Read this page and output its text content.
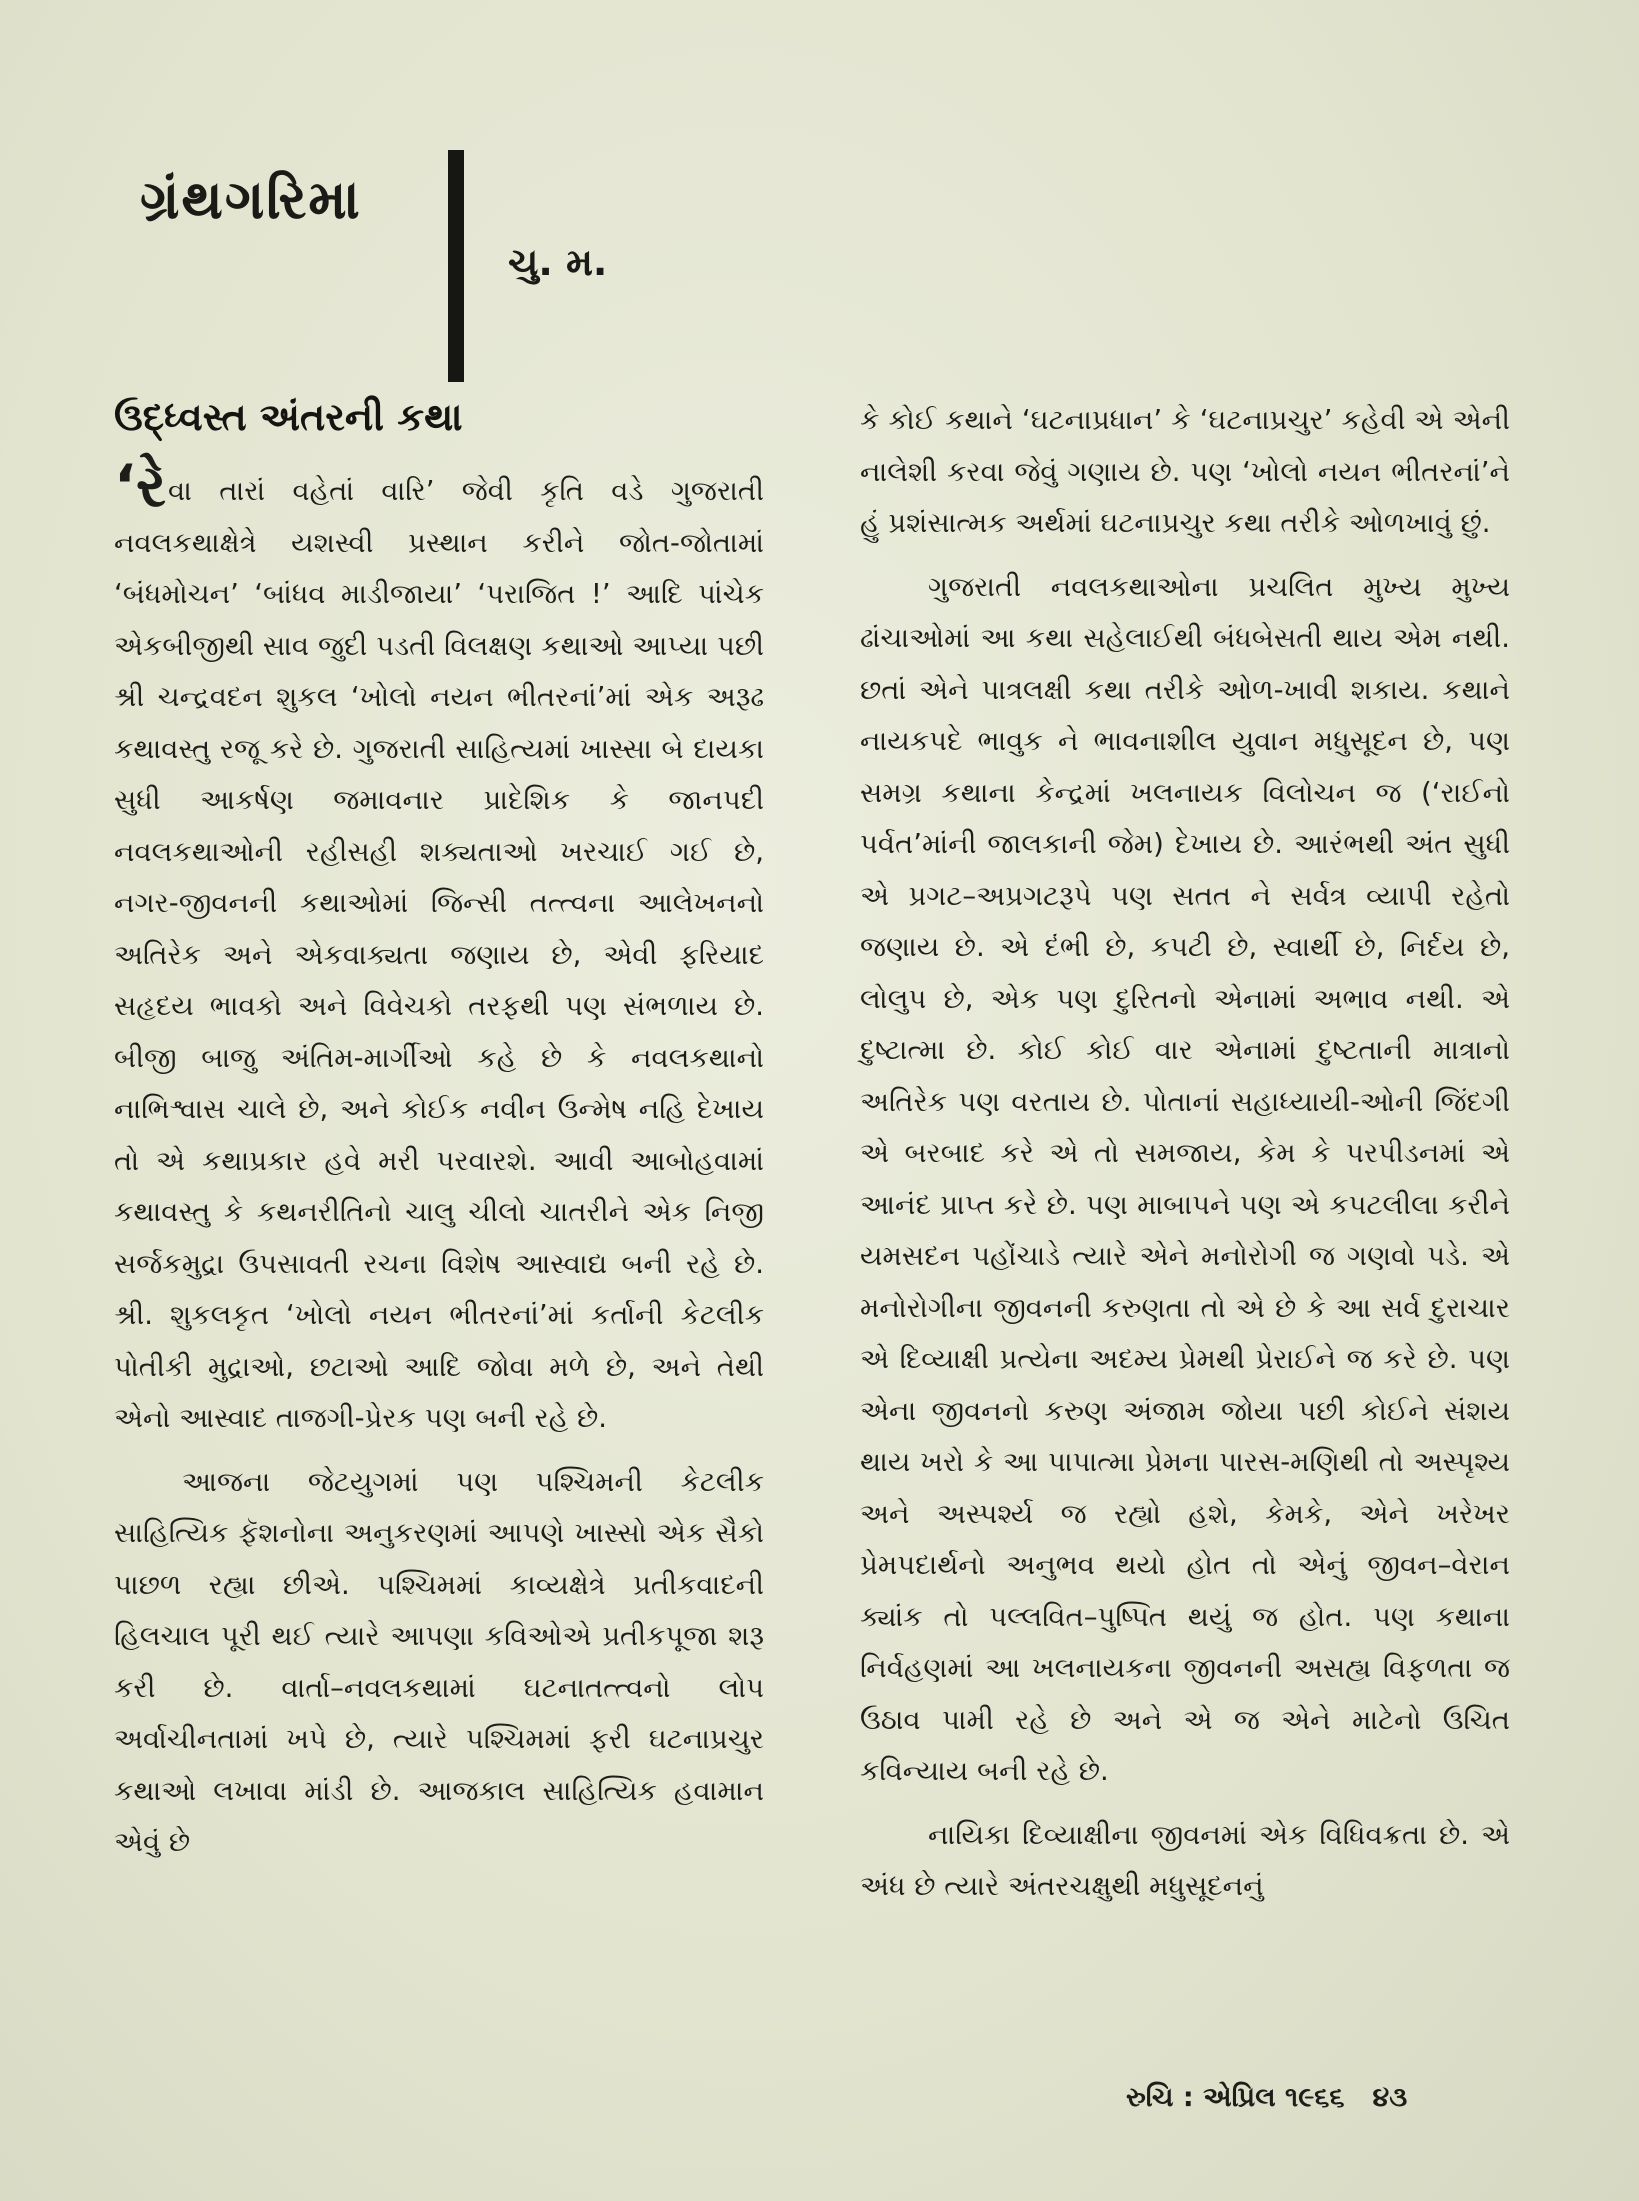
ગ્રંથગરિમા
ચુ. મ.
ઉદ્ધ્વસ્ત અંતરની કથા

‘રેવા તારાં વહેતાં વારિ’ જેવી કૃતિ વડે ગુજરાતી નવલકથાક્ષેત્રે યશસ્વી પ્રસ્થાન કરીને જોત-જોતામાં ‘બંધમોચન’ ‘બાંધવ માડીજાયા’ ‘પરાજિત !’ આદિ પાંચેક એકબીજીથી સાવ જુદી પડતી વિલક્ષણ કથાઓ આપ્યા પછી શ્રી ચન્દ્રવદન શુકલ ‘ખોલો નયન ભીતરનાં’માં એક અરૂઢ કથાવસ્તુ રજૂ કરે છે. ગુજરાતી સાહિત્યમાં ખાસ્સા બે દાયકા સુધી આકર્ષણ જમાવનાર પ્રાદેશિક કે જાનપદી નવલકથાઓની રહીસહી શક્યતાઓ ખરચાઈ ગઈ છે, નગર-જીવનની કથાઓમાં જિન્સી તત્ત્વના આલેખનનો અતિરેક અને એકવાક્યતા જણાય છે, એવી ફરિયાદ સહૃદય ભાવકો અને વિવેચકો તરફથી પણ સંભળાય છે. બીજી બાજુ અંતિમ-માર્ગીઓ કહે છે કે નવલકથાનો નાભિશ્વાસ ચાલે છે, અને કોઈક નવીન ઉન્મેષ નહિ દેખાય તો એ કથાપ્રકાર હવે મરી પરવારશે. આવી આબોહવામાં કથાવસ્તુ કે કથનરીતિનો ચાલુ ચીલો ચાતરીને એક નિજી સર્જકમુદ્રા ઉપસાવતી રચના વિશેષ આસ્વાદ્ય બની રહે છે. શ્રી. શુકલકૃત ‘ખોલો નયન ભીતરનાં’માં કર્તાની કેટલીક પોતીકી મુદ્રાઓ, છટાઓ આદિ જોવા મળે છે, અને તેથી એનો આસ્વાદ તાજગી-પ્રેરક પણ બની રહે છે.

આજના જેટયુગમાં પણ પશ્ચિમની કેટલીક સાહિત્યિક ફૅશનોના અનુકરણમાં આપણે ખાસ્સો એક સૈકો પાછળ રહ્યા છીએ. પશ્ચિમમાં કાવ્યક્ષેત્રે પ્રતીકવાદની હિલચાલ પૂરી થઈ ત્યારે આપણા કવિઓએ પ્રતીકપૂજા શરૂ કરી છે. વાર્તા–નવલકથામાં ઘટનાતત્ત્વનો લોપ અર્વાચીનતામાં ખપે છે, ત્યારે પશ્ચિમમાં ફરી ઘટનાપ્રચુર કથાઓ લખાવા માંડી છે. આજકાલ સાહિત્યિક હવામાન એવું છે

કે કોઈ કથાને ‘ઘટનાપ્રધાન’ કે ‘ઘટનાપ્રચુર’ કહેવી એ એની નાલેશી કરવા જેવું ગણાય છે. પણ ‘ખોલો નયન ભીતરનાં’ને હું પ્રશંસાત્મક અર્થમાં ઘટનાપ્રચુર કથા તરીકે ઓળખાવું છું.

ગુજરાતી નવલકથાઓના પ્રચલિત મુખ્ય મુખ્ય ઢાંચાઓમાં આ કથા સહેલાઈથી બંધબેસતી થાય એમ નથી. છતાં એને પાત્રલક્ષી કથા તરીકે ઓળ-ખાવી શકાય. કથાને નાયકપદે ભાવુક ને ભાવનાશીલ યુવાન મધુસૂદન છે, પણ સમગ્ર કથાના કેન્દ્રમાં ખલનાયક વિલોચન જ (‘રાઈનો પર્વત’માંની જાલકાની જેમ) દેખાય છે. આરંભથી અંત સુધી એ પ્રગટ–અપ્રગટરૂપે પણ સતત ને સર્વત્ર વ્યાપી રહેતો જણાય છે. એ દંભી છે, કપટી છે, સ્વાર્થી છે, નિર્દય છે, લોલુપ છે, એક પણ દુરિતનો એનામાં અભાવ નથી. એ દુષ્ટાત્મા છે. કોઈ કોઈ વાર એનામાં દુષ્ટતાની માત્રાનો અતિરેક પણ વરતાય છે. પોતાનાં સહાધ્યાયી-ઓની જિંદગી એ બરબાદ કરે એ તો સમજાય, કેમ કે પરપીડનમાં એ આનંદ પ્રાપ્ત કરે છે. પણ માબાપને પણ એ કપટલીલા કરીને યમસદન પહોંચાડે ત્યારે એને મનોરોગી જ ગણવો પડે. એ મનોરોગીના જીવનની કરુણતા તો એ છે કે આ સર્વ દુરાચાર એ દિવ્યાક્ષી પ્રત્યેના અદમ્ય પ્રેમથી પ્રેરાઈને જ કરે છે. પણ એના જીવનનો કરુણ અંજામ જોયા પછી કોઈને સંશય થાય ખરો કે આ પાપાત્મા પ્રેમના પારસ-મણિથી તો અસ્પૃશ્ય અને અસ્પર્શ્ય જ રહ્યો હશે, કેમકે, એને ખરેખર પ્રેમપદાર્થનો અનુભવ થયો હોત તો એનું જીવન–વેરાન ક્યાંક તો પલ્લવિત–પુષ્પિત થયું જ હોત. પણ કથાના નિર્વહણમાં આ ખલનાયકના જીવનની અસહ્ય વિફળતા જ ઉઠાવ પામી રહે છે અને એ જ એને માટેનો ઉચિત કવિન્યાય બની રહે છે.

નાયિકા દિવ્યાક્ષીના જીવનમાં એક વિધિવક્રતા છે. એ અંધ છે ત્યારે અંતરચક્ષુથી મધુસૂદનનું

રુચિ : એપ્રિલ ૧૯૬૬ ૪૩
